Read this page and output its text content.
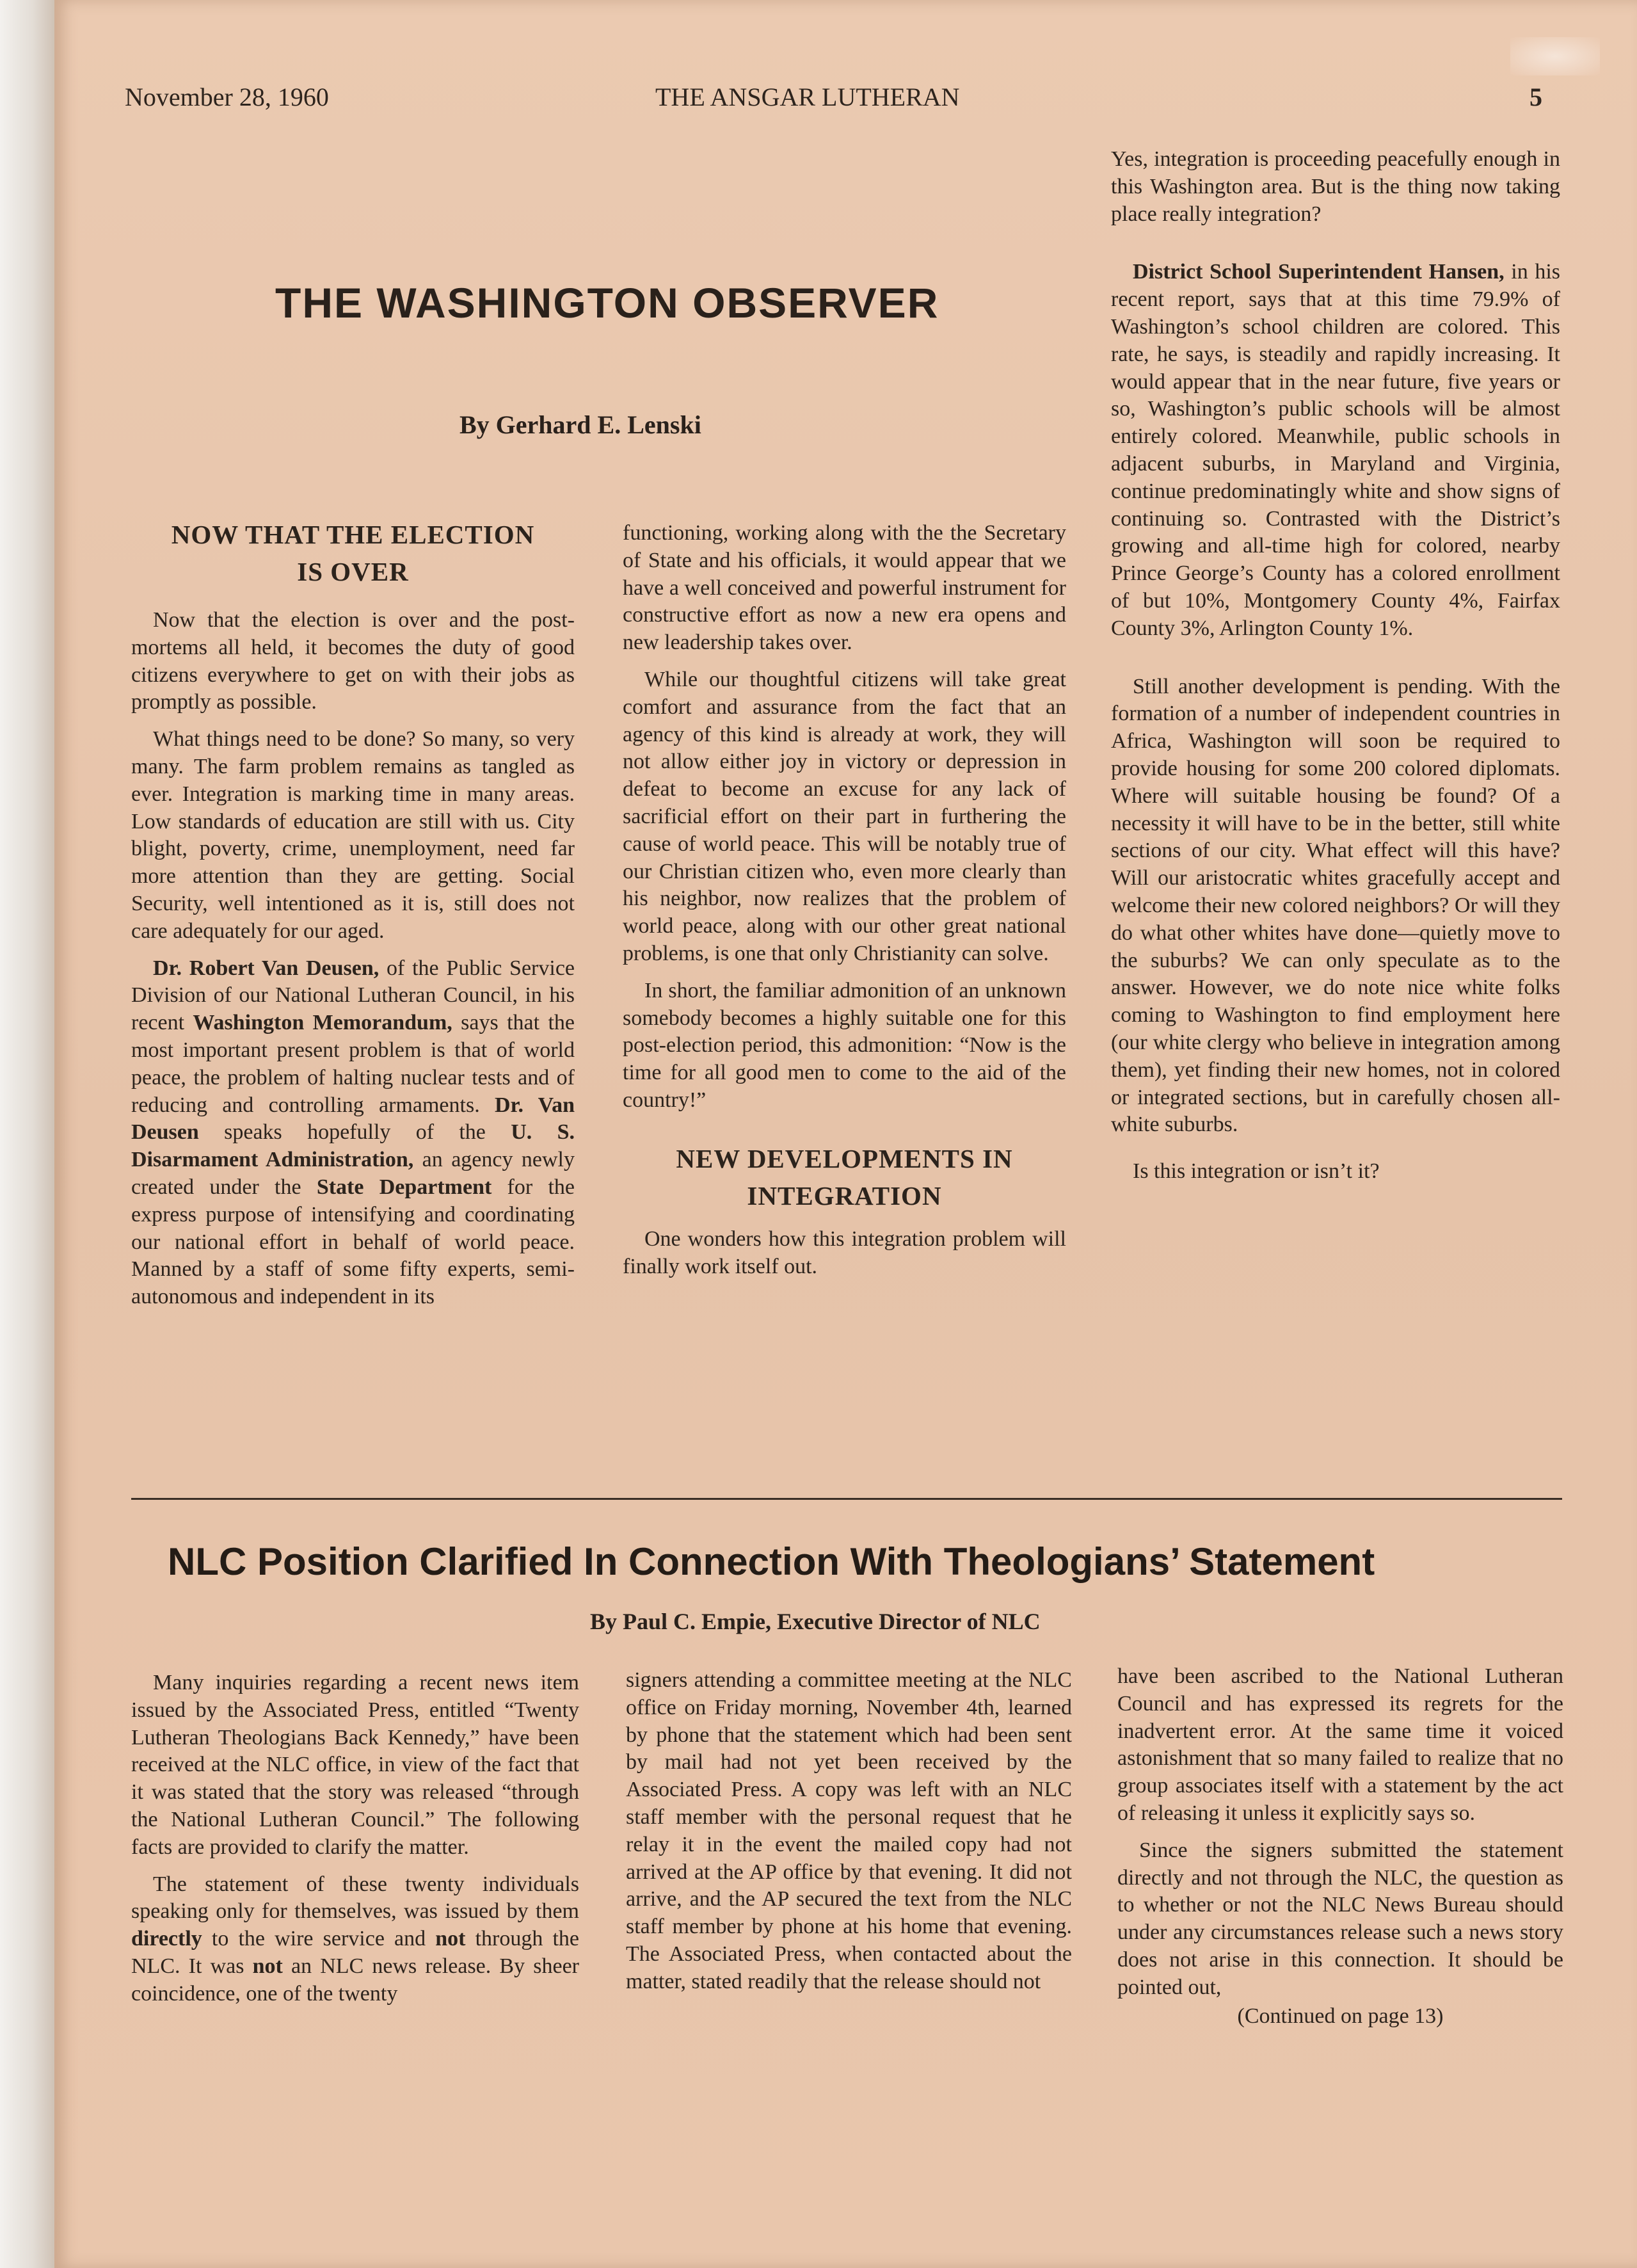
November 28, 1960	THE ANSGAR LUTHERAN	5
THE WASHINGTON OBSERVER
By Gerhard E. Lenski
NOW THAT THE ELECTION
IS OVER

Now that the election is over and the post-mortems all held, it becomes the duty of good citizens everywhere to get on with their jobs as promptly as possible.

What things need to be done? So many, so very many. The farm problem remains as tangled as ever. Integration is marking time in many areas. Low standards of education are still with us. City blight, poverty, crime, unemployment, need far more attention than they are getting. Social Security, well intentioned as it is, still does not care adequately for our aged.

Dr. Robert Van Deusen, of the Public Service Division of our National Lutheran Council, in his recent Washington Memorandum, says that the most important present problem is that of world peace, the problem of halting nuclear tests and of reducing and controlling armaments. Dr. Van Deusen speaks hopefully of the U. S. Disarmament Administration, an agency newly created under the State Department for the express purpose of intensifying and coordinating our national effort in behalf of world peace. Manned by a staff of some fifty experts, semi-autonomous and independent in its

functioning, working along with the the Secretary of State and his officials, it would appear that we have a well conceived and powerful instrument for constructive effort as now a new era opens and new leadership takes over.

While our thoughtful citizens will take great comfort and assurance from the fact that an agency of this kind is already at work, they will not allow either joy in victory or depression in defeat to become an excuse for any lack of sacrificial effort on their part in furthering the cause of world peace. This will be notably true of our Christian citizen who, even more clearly than his neighbor, now realizes that the problem of world peace, along with our other great national problems, is one that only Christianity can solve.

In short, the familiar admonition of an unknown somebody becomes a highly suitable one for this post-election period, this admonition: “Now is the time for all good men to come to the aid of the country!”

NEW DEVELOPMENTS IN
INTEGRATION

One wonders how this integration problem will finally work itself out.

Yes, integration is proceeding peacefully enough in this Washington area. But is the thing now taking place really integration?

District School Superintendent Hansen, in his recent report, says that at this time 79.9% of Washington’s school children are colored. This rate, he says, is steadily and rapidly increasing. It would appear that in the near future, five years or so, Washington’s public schools will be almost entirely colored. Meanwhile, public schools in adjacent suburbs, in Maryland and Virginia, continue predominatingly white and show signs of continuing so. Contrasted with the District’s growing and all-time high for colored, nearby Prince George’s County has a colored enrollment of but 10%, Montgomery County 4%, Fairfax County 3%, Arlington County 1%.

Still another development is pending. With the formation of a number of independent countries in Africa, Washington will soon be required to provide housing for some 200 colored diplomats. Where will suitable housing be found? Of a necessity it will have to be in the better, still white sections of our city. What effect will this have? Will our aristocratic whites gracefully accept and welcome their new colored neighbors? Or will they do what other whites have done—quietly move to the suburbs? We can only speculate as to the answer. However, we do note nice white folks coming to Washington to find employment here (our white clergy who believe in integration among them), yet finding their new homes, not in colored or integrated sections, but in carefully chosen all-white suburbs.

Is this integration or isn’t it?

NLC Position Clarified In Connection With Theologians’ Statement
By Paul C. Empie, Executive Director of NLC

Many inquiries regarding a recent news item issued by the Associated Press, entitled “Twenty Lutheran Theologians Back Kennedy,” have been received at the NLC office, in view of the fact that it was stated that the story was released “through the National Lutheran Council.” The following facts are provided to clarify the matter.

The statement of these twenty individuals speaking only for themselves, was issued by them directly to the wire service and not through the NLC. It was not an NLC news release. By sheer coincidence, one of the twenty

signers attending a committee meeting at the NLC office on Friday morning, November 4th, learned by phone that the statement which had been sent by mail had not yet been received by the Associated Press. A copy was left with an NLC staff member with the personal request that he relay it in the event the mailed copy had not arrived at the AP office by that evening. It did not arrive, and the AP secured the text from the NLC staff member by phone at his home that evening. The Associated Press, when contacted about the matter, stated readily that the release should not

have been ascribed to the National Lutheran Council and has expressed its regrets for the inadvertent error. At the same time it voiced astonishment that so many failed to realize that no group associates itself with a statement by the act of releasing it unless it explicitly says so.

Since the signers submitted the statement directly and not through the NLC, the question as to whether or not the NLC News Bureau should under any circumstances release such a news story does not arise in this connection. It should be pointed out,

(Continued on page 13)
